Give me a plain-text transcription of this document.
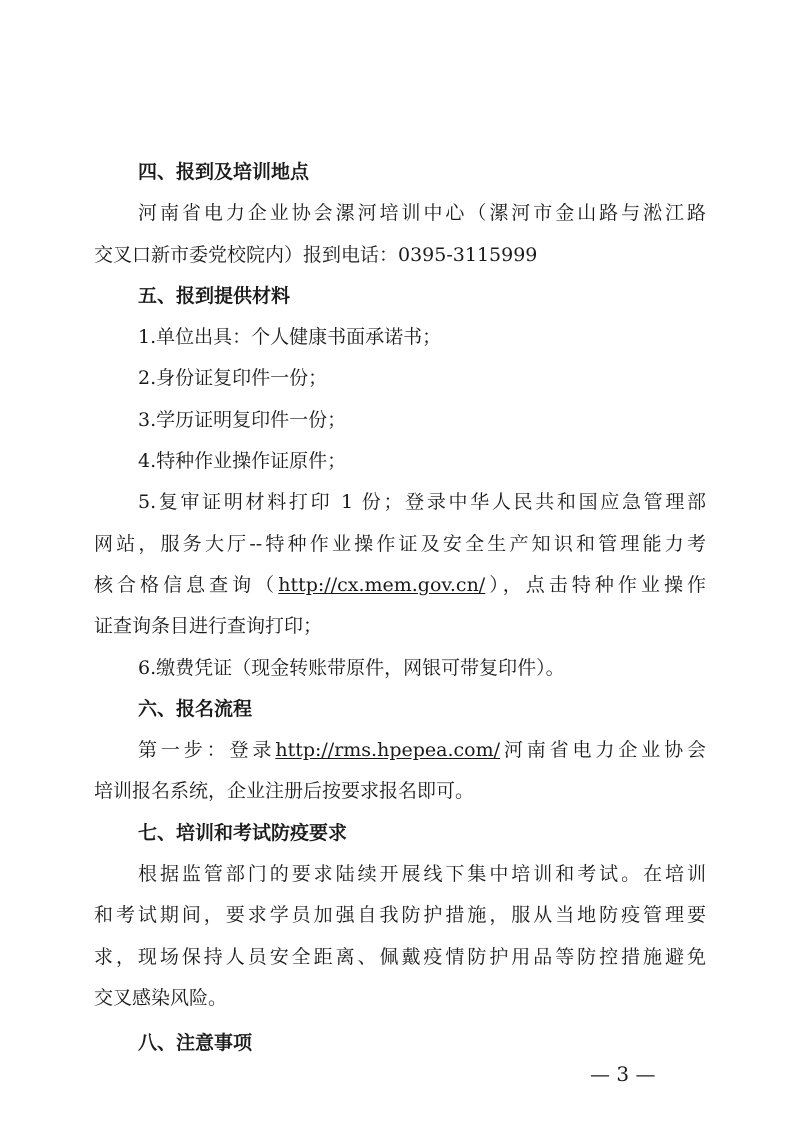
四、报到及培训地点
河南省电力企业协会漯河培训中心（漯河市金山路与淞江路
交叉口新市委党校院内）报到电话：0395-3115999
五、报到提供材料
1.单位出具：个人健康书面承诺书；
2.身份证复印件一份；
3.学历证明复印件一份；
4.特种作业操作证原件；
5.复审证明材料打印 1 份；登录中华人民共和国应急管理部
网站，服务大厅--特种作业操作证及安全生产知识和管理能力考
核合格信息查询（http://cx.mem.gov.cn/），点击特种作业操作
证查询条目进行查询打印；
6.缴费凭证（现金转账带原件，网银可带复印件）。
六、报名流程
第一步：登录http://rms.hpepea.com/河南省电力企业协会
培训报名系统，企业注册后按要求报名即可。
七、培训和考试防疫要求
根据监管部门的要求陆续开展线下集中培训和考试。在培训
和考试期间，要求学员加强自我防护措施，服从当地防疫管理要
求，现场保持人员安全距离、佩戴疫情防护用品等防控措施避免
交叉感染风险。
八、注意事项
— 3 —
